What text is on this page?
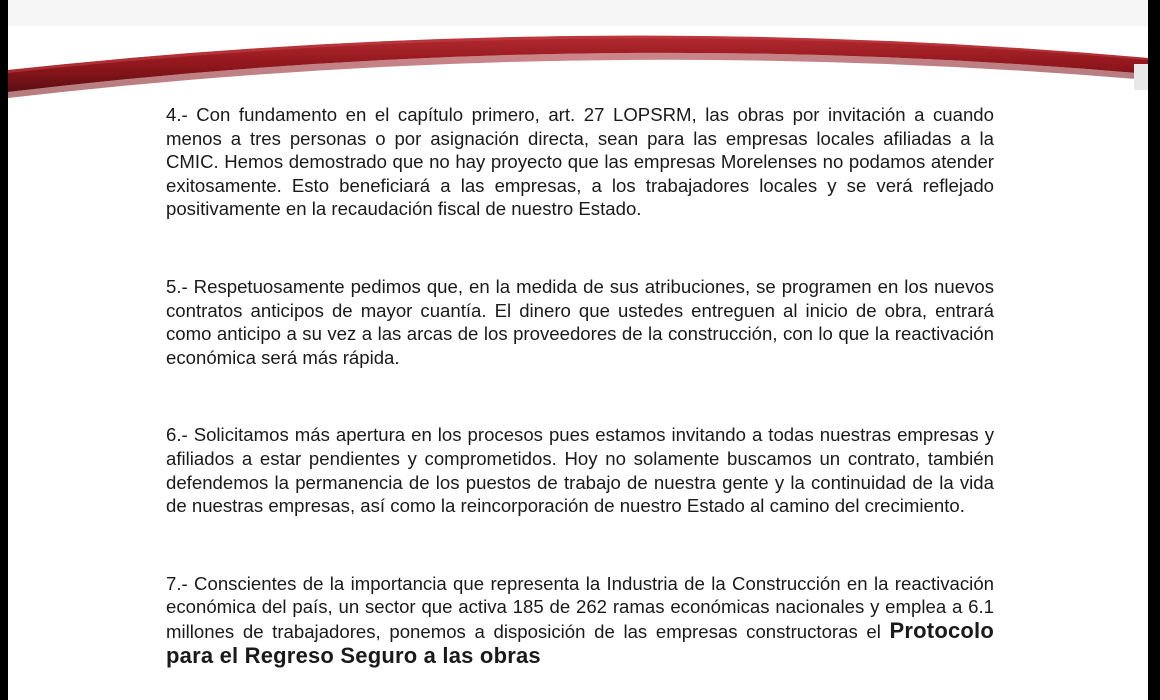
4.- Con fundamento en el capítulo primero, art. 27 LOPSRM, las obras por invitación a cuando menos a tres personas o por asignación directa, sean para las empresas locales afiliadas a la CMIC. Hemos demostrado que no hay proyecto que las empresas Morelenses no podamos atender exitosamente. Esto beneficiará a las empresas, a los trabajadores locales y se verá reflejado positivamente en la recaudación fiscal de nuestro Estado.

5.- Respetuosamente pedimos que, en la medida de sus atribuciones, se programen en los nuevos contratos anticipos de mayor cuantía. El dinero que ustedes entreguen al inicio de obra, entrará como anticipo a su vez a las arcas de los proveedores de la construcción, con lo que la reactivación económica será más rápida.

6.- Solicitamos más apertura en los procesos pues estamos invitando a todas nuestras empresas y afiliados a estar pendientes y comprometidos. Hoy no solamente buscamos un contrato, también defendemos la permanencia de los puestos de trabajo de nuestra gente y la continuidad de la vida de nuestras empresas, así como la reincorporación de nuestro Estado al camino del crecimiento.

7.- Conscientes de la importancia que representa la Industria de la Construcción en la reactivación económica del país, un sector que activa 185 de 262 ramas económicas nacionales y emplea a 6.1 millones de trabajadores, ponemos a disposición de las empresas constructoras el Protocolo para el Regreso Seguro a las obras
